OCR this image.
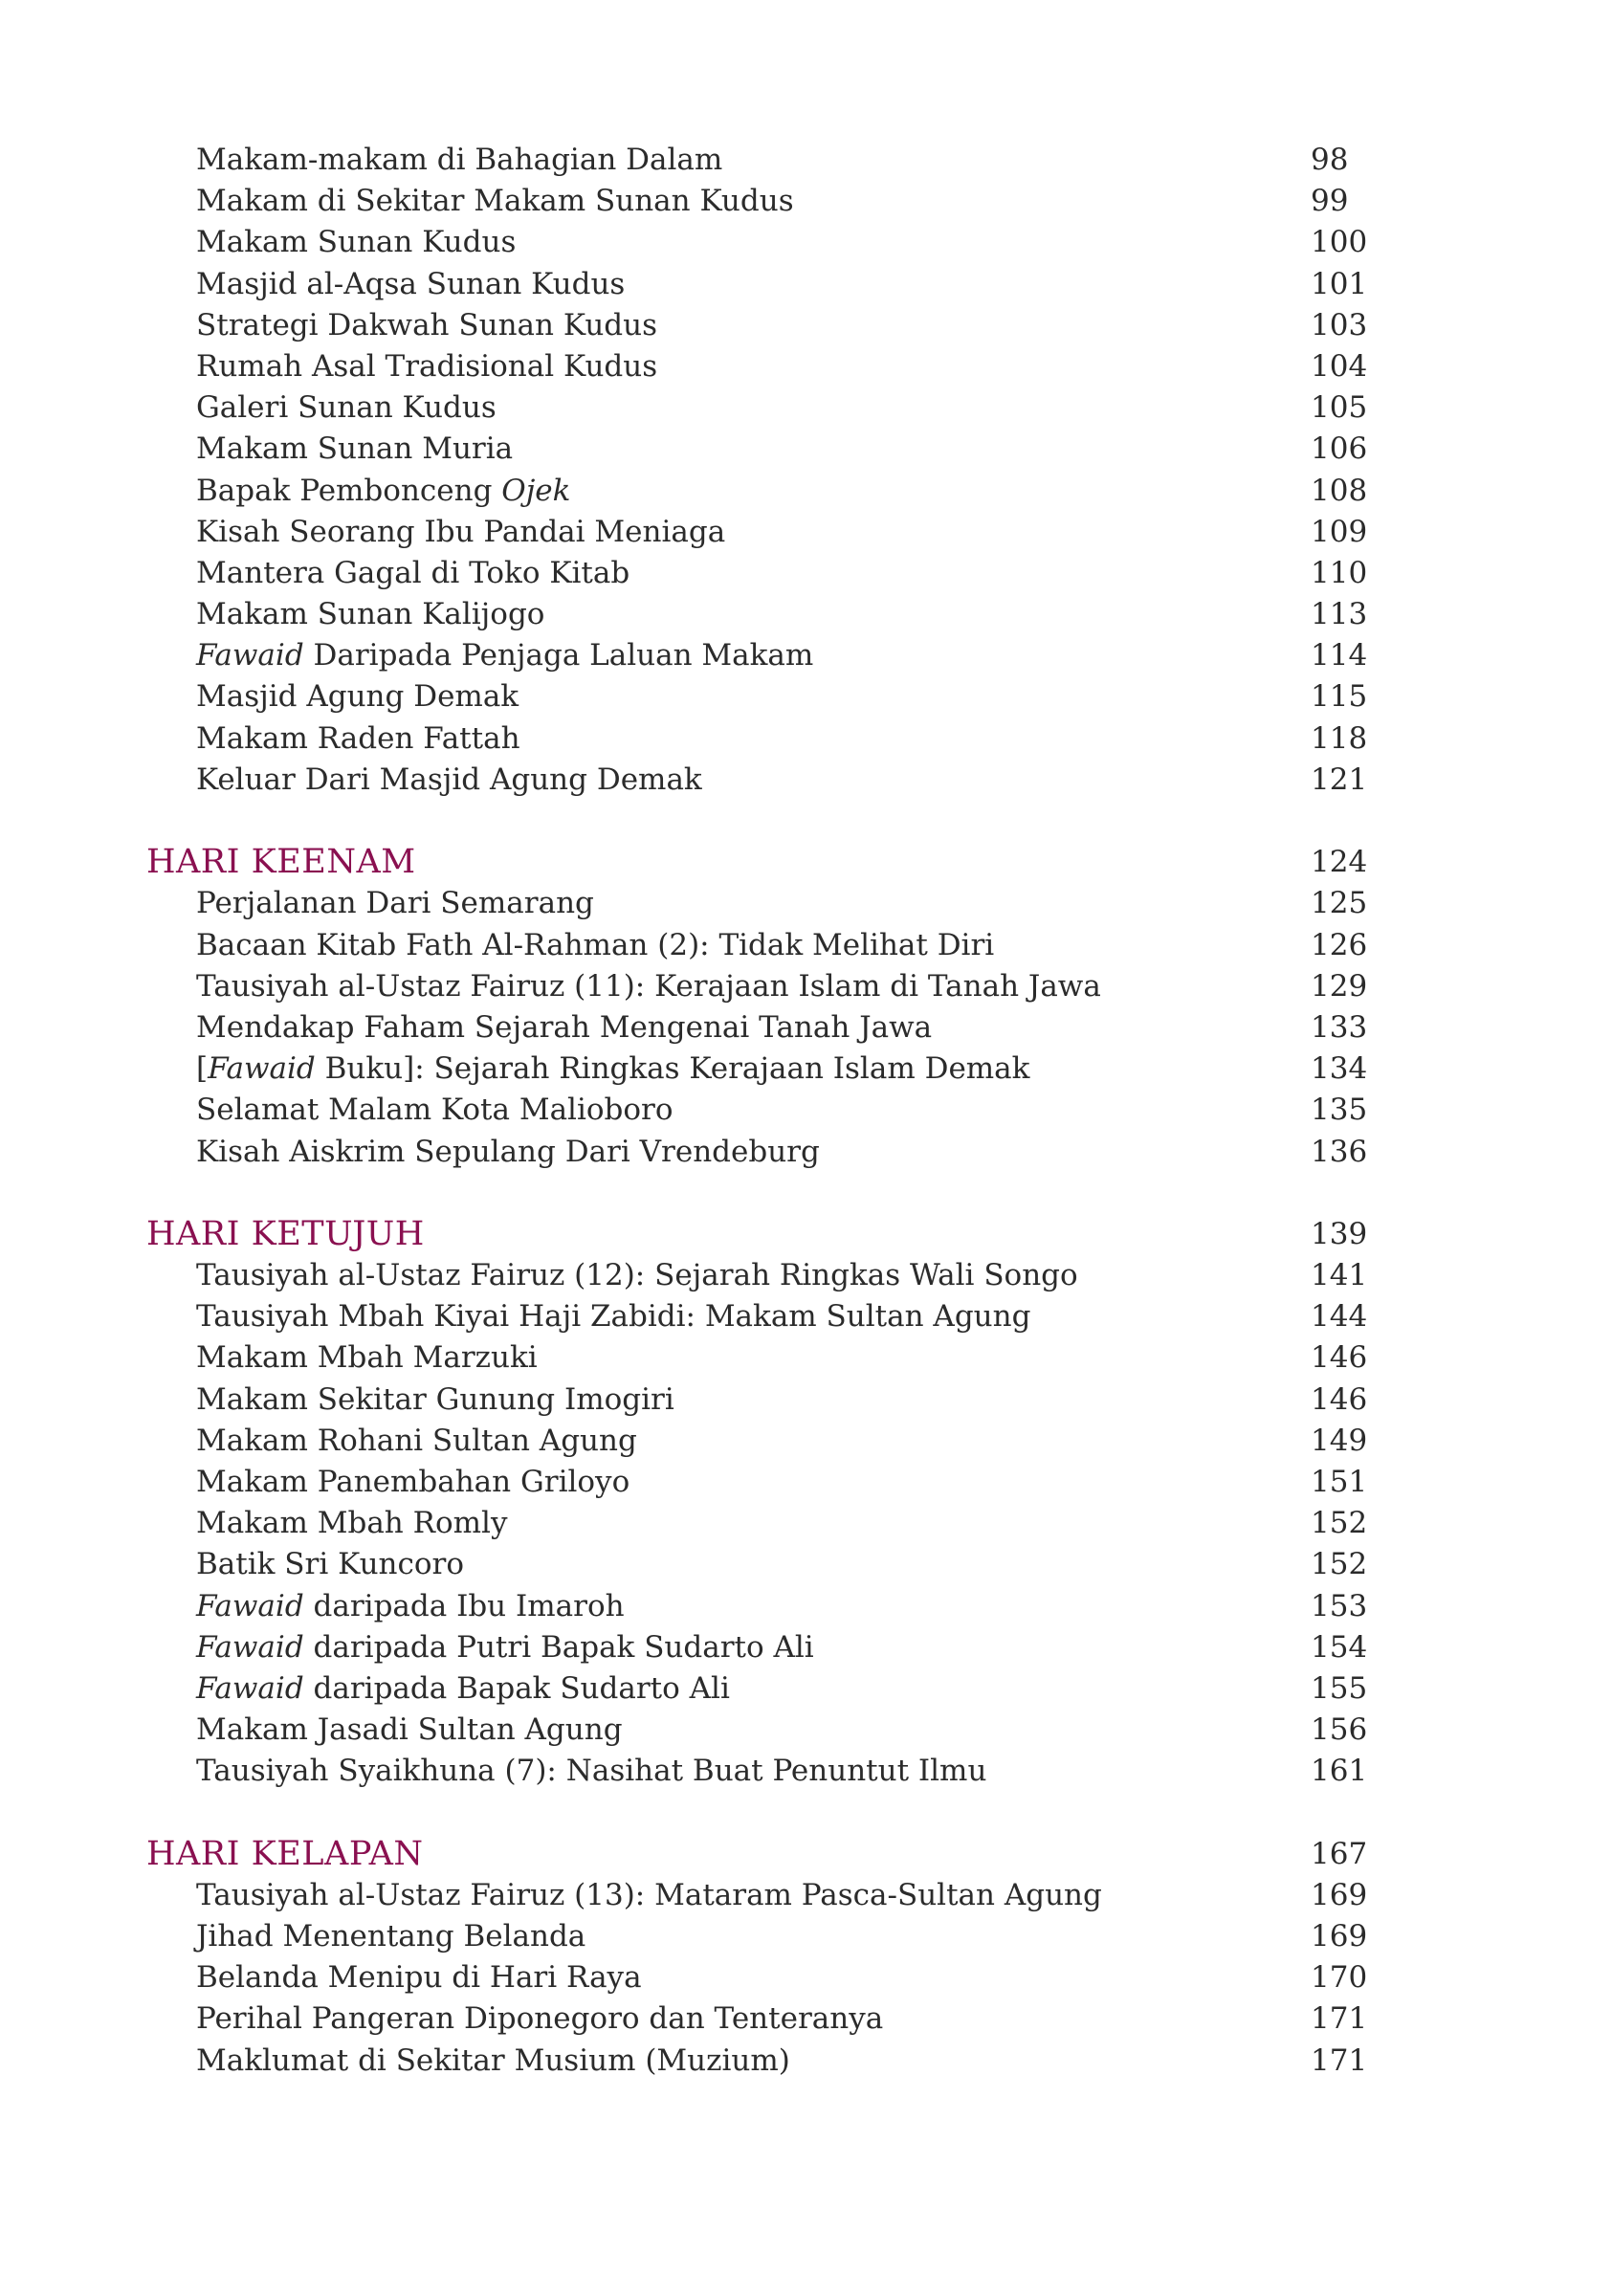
Makam-makam di Bahagian Dalam	98
Makam di Sekitar Makam Sunan Kudus	99
Makam Sunan Kudus	100
Masjid al-Aqsa Sunan Kudus	101
Strategi Dakwah Sunan Kudus	103
Rumah Asal Tradisional Kudus	104
Galeri Sunan Kudus	105
Makam Sunan Muria	106
Bapak Pembonceng Ojek	108
Kisah Seorang Ibu Pandai Meniaga	109
Mantera Gagal di Toko Kitab	110
Makam Sunan Kalijogo	113
Fawaid Daripada Penjaga Laluan Makam	114
Masjid Agung Demak	115
Makam Raden Fattah	118
Keluar Dari Masjid Agung Demak	121
HARI KEENAM	124
Perjalanan Dari Semarang	125
Bacaan Kitab Fath Al-Rahman (2): Tidak Melihat Diri	126
Tausiyah al-Ustaz Fairuz (11): Kerajaan Islam di Tanah Jawa	129
Mendakap Faham Sejarah Mengenai Tanah Jawa	133
[Fawaid Buku]: Sejarah Ringkas Kerajaan Islam Demak	134
Selamat Malam Kota Malioboro	135
Kisah Aiskrim Sepulang Dari Vrendeburg	136
HARI KETUJUH	139
Tausiyah al-Ustaz Fairuz (12): Sejarah Ringkas Wali Songo	141
Tausiyah Mbah Kiyai Haji Zabidi: Makam Sultan Agung	144
Makam Mbah Marzuki	146
Makam Sekitar Gunung Imogiri	146
Makam Rohani Sultan Agung	149
Makam Panembahan Griloyo	151
Makam Mbah Romly	152
Batik Sri Kuncoro	152
Fawaid daripada Ibu Imaroh	153
Fawaid daripada Putri Bapak Sudarto Ali	154
Fawaid daripada Bapak Sudarto Ali	155
Makam Jasadi Sultan Agung	156
Tausiyah Syaikhuna (7): Nasihat Buat Penuntut Ilmu	161
HARI KELAPAN	167
Tausiyah al-Ustaz Fairuz (13): Mataram Pasca-Sultan Agung	169
Jihad Menentang Belanda	169
Belanda Menipu di Hari Raya	170
Perihal Pangeran Diponegoro dan Tenteranya	171
Maklumat di Sekitar Musium (Muzium)	171
